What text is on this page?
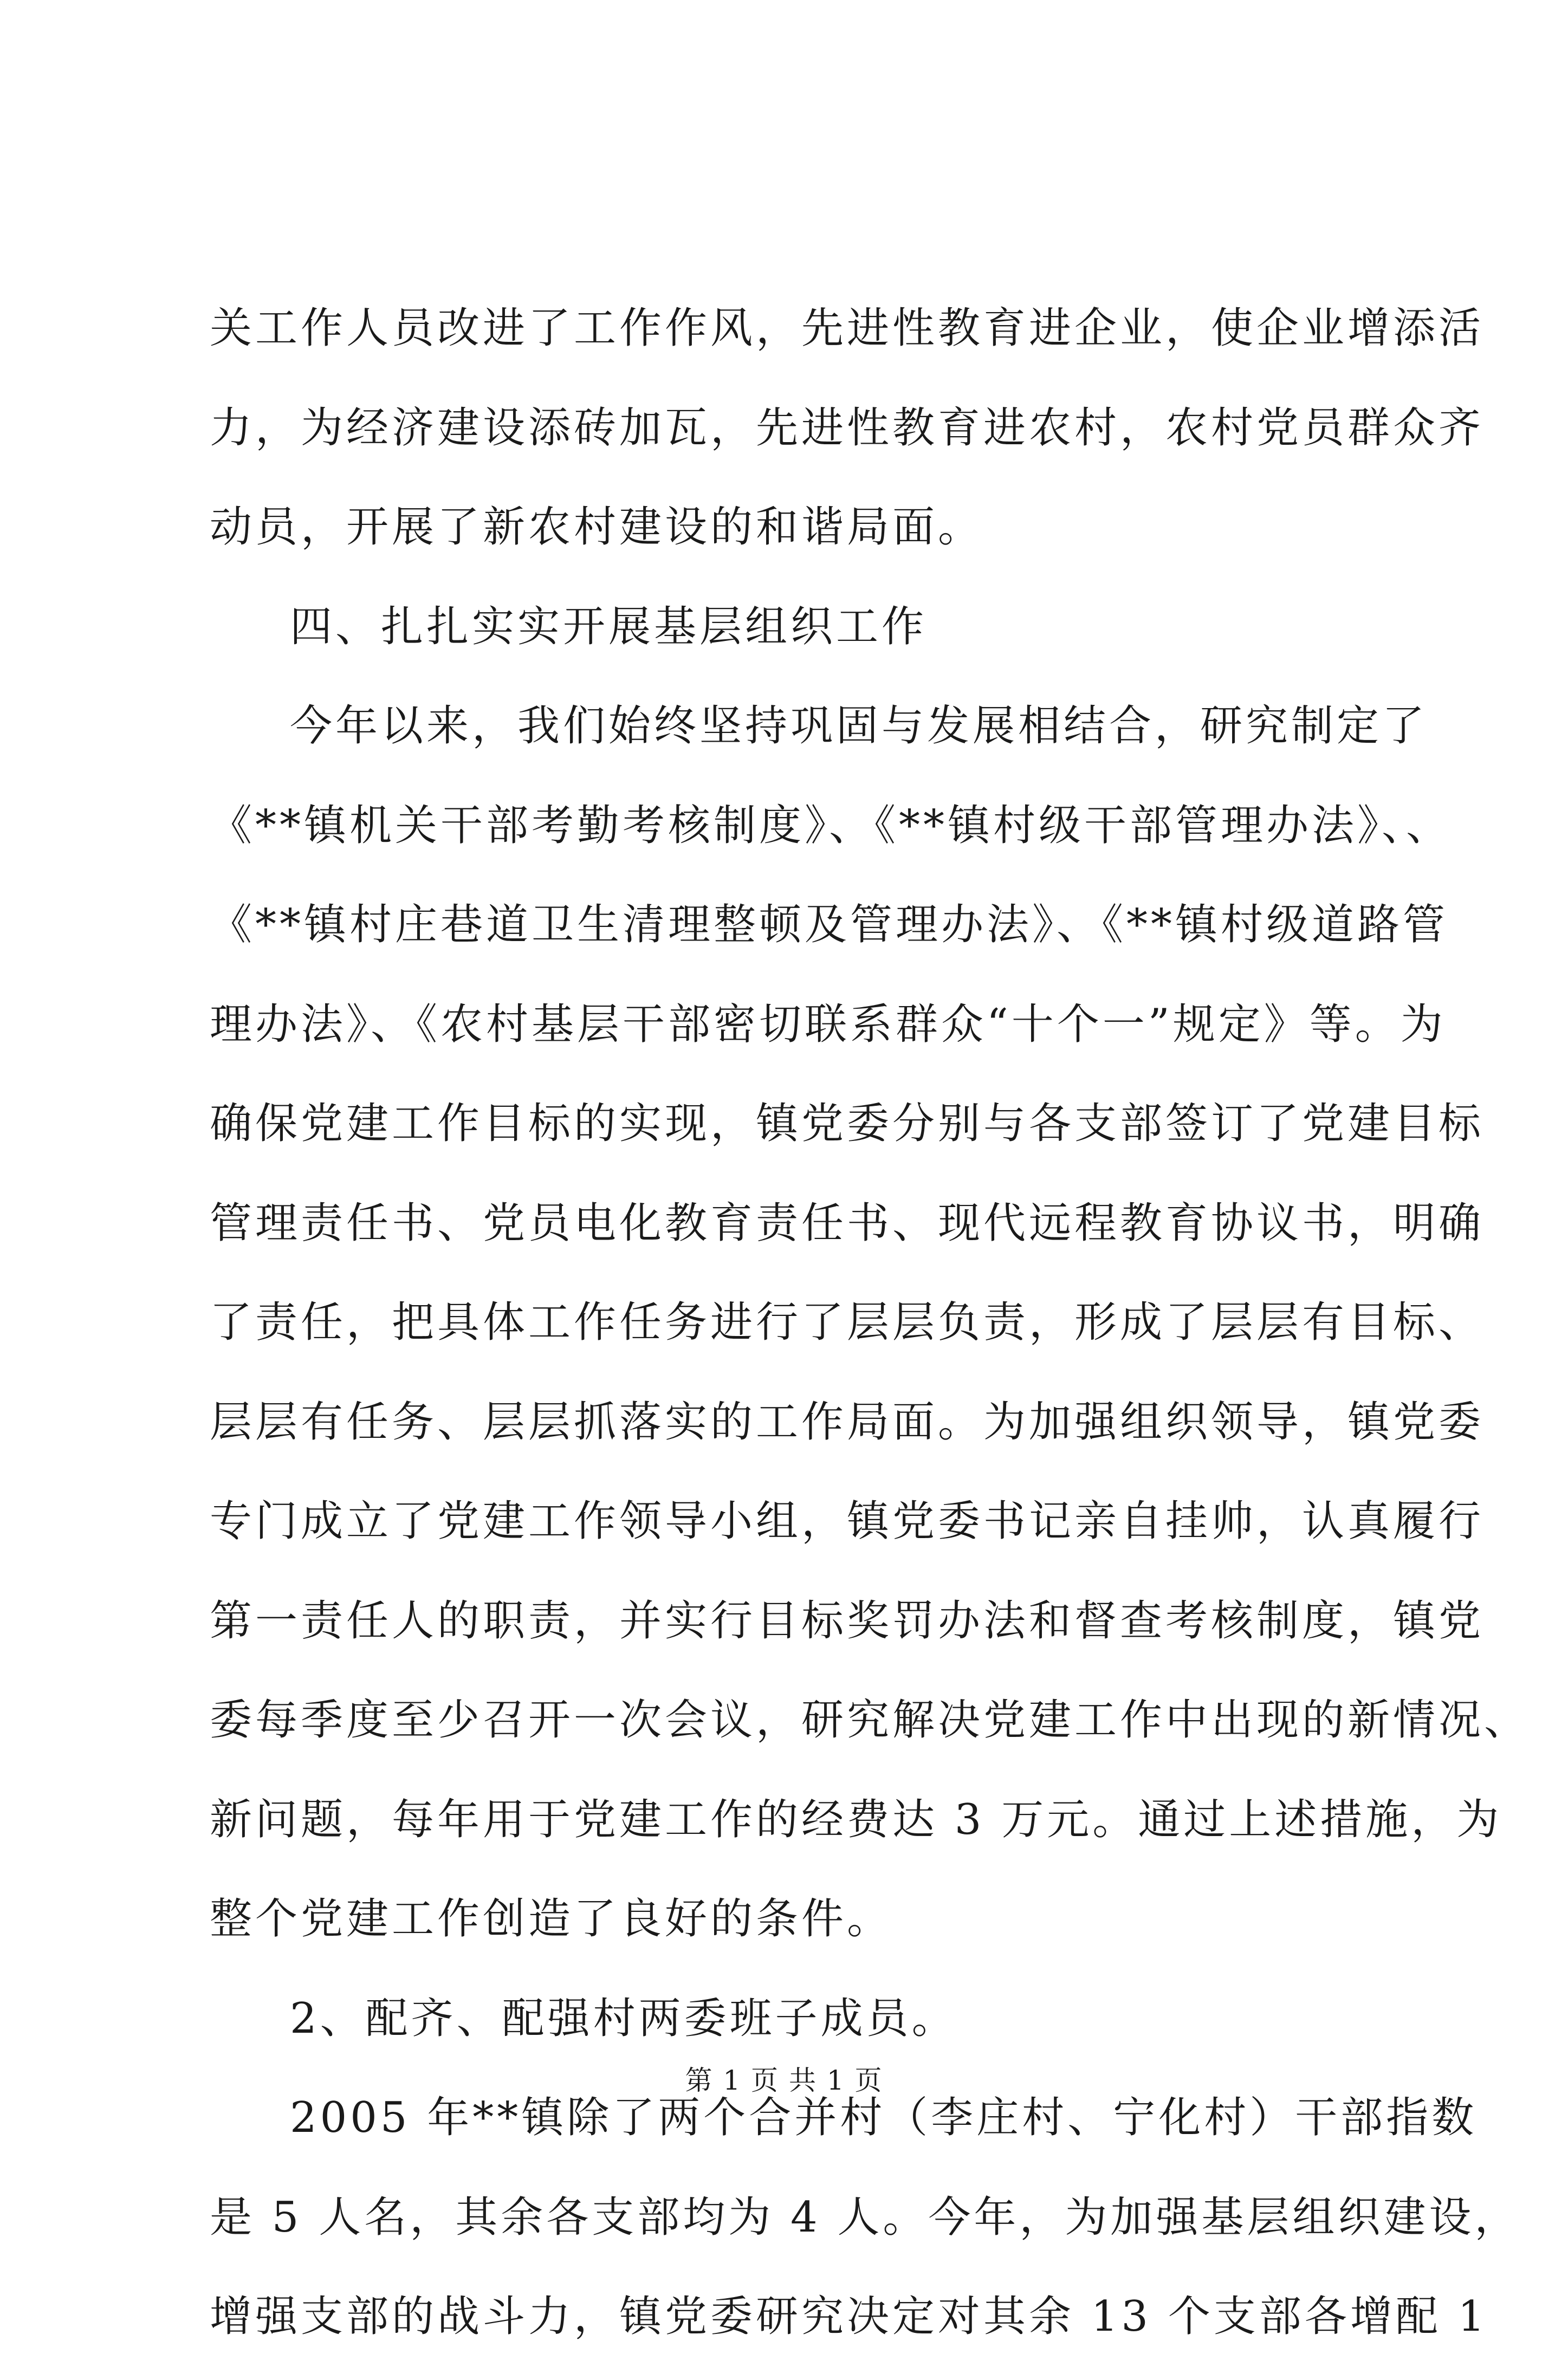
关工作人员改进了工作作风，先进性教育进企业，使企业增添活
力，为经济建设添砖加瓦，先进性教育进农村，农村党员群众齐
动员，开展了新农村建设的和谐局面。
四、扎扎实实开展基层组织工作
今年以来，我们始终坚持巩固与发展相结合，研究制定了
《**镇机关干部考勤考核制度》、《**镇村级干部管理办法》、、
《**镇村庄巷道卫生清理整顿及管理办法》、《**镇村级道路管
理办法》、《农村基层干部密切联系群众“十个一”规定》等。为
确保党建工作目标的实现，镇党委分别与各支部签订了党建目标
管理责任书、党员电化教育责任书、现代远程教育协议书，明确
了责任，把具体工作任务进行了层层负责，形成了层层有目标、
层层有任务、层层抓落实的工作局面。为加强组织领导，镇党委
专门成立了党建工作领导小组，镇党委书记亲自挂帅，认真履行
第一责任人的职责，并实行目标奖罚办法和督查考核制度，镇党
委每季度至少召开一次会议，研究解决党建工作中出现的新情况、
新问题，每年用于党建工作的经费达 3 万元。通过上述措施，为
整个党建工作创造了良好的条件。
2、配齐、配强村两委班子成员。
2005 年**镇除了两个合并村（李庄村、宁化村）干部指数
是 5 人名，其余各支部均为 4 人。今年，为加强基层组织建设，
增强支部的战斗力，镇党委研究决定对其余 13 个支部各增配 1
第 1 页 共 1 页
